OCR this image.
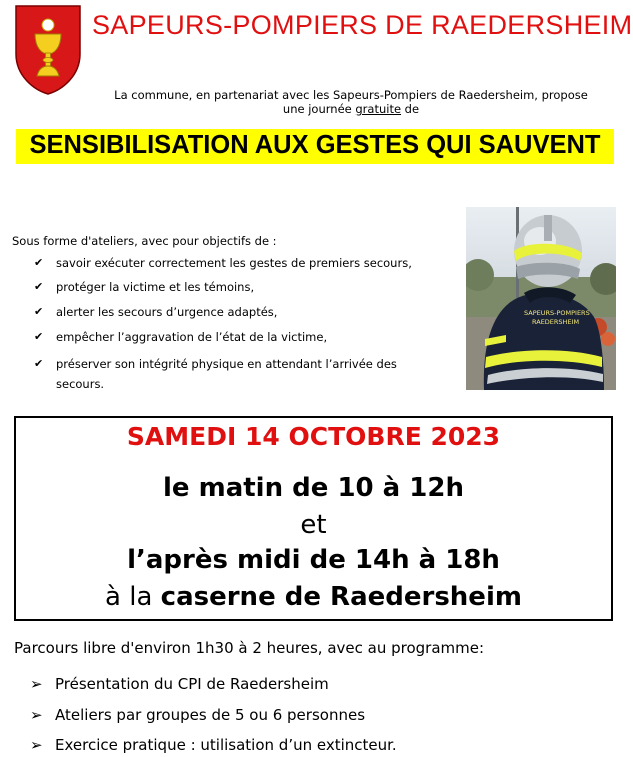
SAPEURS-POMPIERS DE RAEDERSHEIM
La commune, en partenariat avec les Sapeurs-Pompiers de Raedersheim, propose
une journée gratuite de
SENSIBILISATION AUX GESTES QUI SAUVENT
Sous forme d'ateliers, avec pour objectifs de :
✔ savoir exécuter correctement les gestes de premiers secours,
✔ protéger la victime et les témoins,
✔ alerter les secours d’urgence adaptés,
✔ empêcher l’aggravation de l’état de la victime,
✔ préserver son intégrité physique en attendant l’arrivée des
secours.
SAPEURS-POMPIERS
RAEDERSHEIM
SAMEDI 14 OCTOBRE 2023
le matin de 10 à 12h
et
l’après midi de 14h à 18h
à la caserne de Raedersheim
Parcours libre d'environ 1h30 à 2 heures, avec au programme:
➢ Présentation du CPI de Raedersheim
➢ Ateliers par groupes de 5 ou 6 personnes
➢ Exercice pratique : utilisation d’un extincteur.
